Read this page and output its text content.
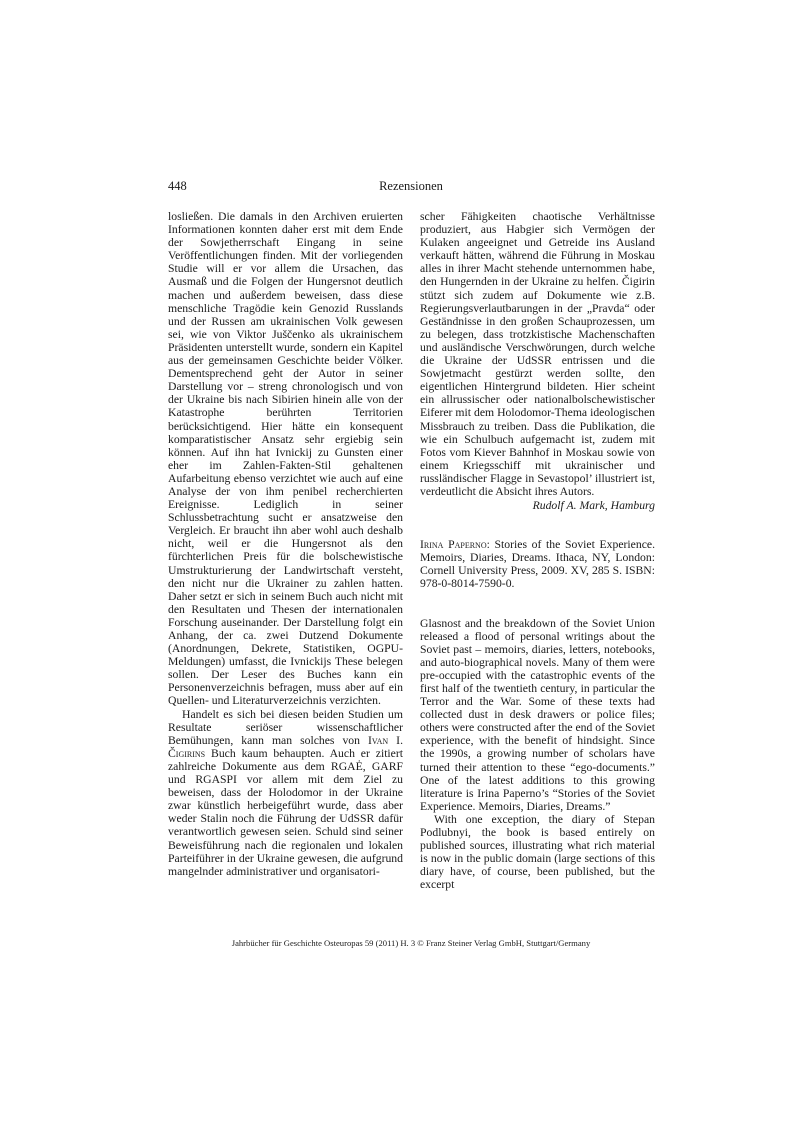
448	Rezensionen

losließen. Die damals in den Archiven eruierten Informationen konnten daher erst mit dem Ende der Sowjetherrschaft Eingang in seine Veröffentlichungen finden. Mit der vorliegenden Studie will er vor allem die Ursachen, das Ausmaß und die Folgen der Hungersnot deutlich machen und außerdem beweisen, dass diese menschliche Tragödie kein Genozid Russlands und der Russen am ukrainischen Volk gewesen sei, wie von Viktor Juščenko als ukrainischem Präsidenten unterstellt wurde, sondern ein Kapitel aus der gemeinsamen Geschichte beider Völker. Dementsprechend geht der Autor in seiner Darstellung vor – streng chronologisch und von der Ukraine bis nach Sibirien hinein alle von der Katastrophe berührten Territorien berücksichtigend. Hier hätte ein konsequent komparatistischer Ansatz sehr ergiebig sein können. Auf ihn hat Ivnickij zu Gunsten einer eher im Zahlen-Fakten-Stil gehaltenen Aufarbeitung ebenso verzichtet wie auch auf eine Analyse der von ihm penibel recherchierten Ereignisse. Lediglich in seiner Schlussbetrachtung sucht er ansatzweise den Vergleich. Er braucht ihn aber wohl auch deshalb nicht, weil er die Hungersnot als den fürchterlichen Preis für die bolschewistische Umstrukturierung der Landwirtschaft versteht, den nicht nur die Ukrainer zu zahlen hatten. Daher setzt er sich in seinem Buch auch nicht mit den Resultaten und Thesen der internationalen Forschung auseinander. Der Darstellung folgt ein Anhang, der ca. zwei Dutzend Dokumente (Anordnungen, Dekrete, Statistiken, OGPU-Meldungen) umfasst, die Ivnickijs These belegen sollen. Der Leser des Buches kann ein Personenverzeichnis befragen, muss aber auf ein Quellen- und Literaturverzeichnis verzichten.

Handelt es sich bei diesen beiden Studien um Resultate seriöser wissenschaftlicher Bemühungen, kann man solches von Ivan I. Čigirins Buch kaum behaupten. Auch er zitiert zahlreiche Dokumente aus dem RGAĖ, GARF und RGASPI vor allem mit dem Ziel zu beweisen, dass der Holodomor in der Ukraine zwar künstlich herbeigeführt wurde, dass aber weder Stalin noch die Führung der UdSSR dafür verantwortlich gewesen seien. Schuld sind seiner Beweisführung nach die regionalen und lokalen Parteiführer in der Ukraine gewesen, die aufgrund mangelnder administrativer und organisatori-

scher Fähigkeiten chaotische Verhältnisse produziert, aus Habgier sich Vermögen der Kulaken angeeignet und Getreide ins Ausland verkauft hätten, während die Führung in Moskau alles in ihrer Macht stehende unternommen habe, den Hungernden in der Ukraine zu helfen. Čigirin stützt sich zudem auf Dokumente wie z.B. Regierungsverlautbarungen in der „Pravda“ oder Geständnisse in den großen Schauprozessen, um zu belegen, dass trotzkistische Machenschaften und ausländische Verschwörungen, durch welche die Ukraine der UdSSR entrissen und die Sowjetmacht gestürzt werden sollte, den eigentlichen Hintergrund bildeten. Hier scheint ein allrussischer oder nationalbolschewistischer Eiferer mit dem Holodomor-Thema ideologischen Missbrauch zu treiben. Dass die Publikation, die wie ein Schulbuch aufgemacht ist, zudem mit Fotos vom Kiever Bahnhof in Moskau sowie von einem Kriegsschiff mit ukrainischer und russländischer Flagge in Sevastopol’ illustriert ist, verdeutlicht die Absicht ihres Autors.

Rudolf A. Mark, Hamburg

Irina Paperno: Stories of the Soviet Experience. Memoirs, Diaries, Dreams. Ithaca, NY, London: Cornell University Press, 2009. XV, 285 S. ISBN: 978-0-8014-7590-0.

Glasnost and the breakdown of the Soviet Union released a flood of personal writings about the Soviet past – memoirs, diaries, letters, notebooks, and auto-biographical novels. Many of them were pre-occupied with the catastrophic events of the first half of the twentieth century, in particular the Terror and the War. Some of these texts had collected dust in desk drawers or police files; others were constructed after the end of the Soviet experience, with the benefit of hindsight. Since the 1990s, a growing number of scholars have turned their attention to these “ego-documents.” One of the latest additions to this growing literature is Irina Paperno’s “Stories of the Soviet Experience. Memoirs, Diaries, Dreams.”

With one exception, the diary of Stepan Podlubnyi, the book is based entirely on published sources, illustrating what rich material is now in the public domain (large sections of this diary have, of course, been published, but the excerpt

Jahrbücher für Geschichte Osteuropas 59 (2011) H. 3 © Franz Steiner Verlag GmbH, Stuttgart/Germany
